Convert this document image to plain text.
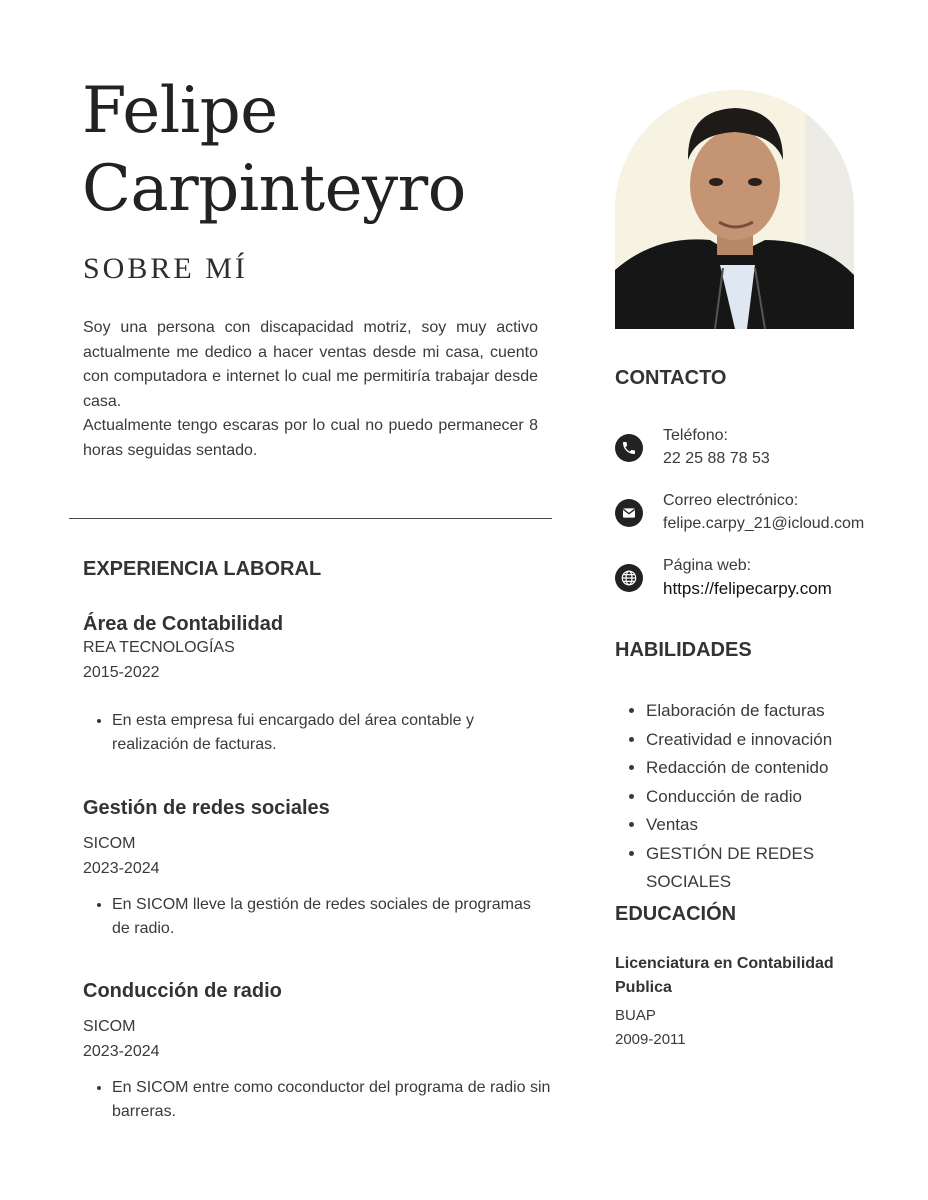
Felipe
Carpinteyro
SOBRE MÍ

Soy una persona con discapacidad motriz, soy muy activo actualmente me dedico a hacer ventas desde mi casa, cuento con computadora e internet lo cual me permitiría trabajar desde casa.

Actualmente tengo escaras por lo cual no puedo permanecer 8 horas seguidas sentado.

EXPERIENCIA LABORAL
Área de Contabilidad
REA TECNOLOGÍAS
2015-2022
• En esta empresa fui encargado del área contable y realización de facturas.
Gestión de redes sociales
SICOM
2023-2024
• En SICOM lleve la gestión de redes sociales de programas de radio.
Conducción de radio
SICOM
2023-2024
• En SICOM entre como coconductor del programa de radio sin barreras.
CONTACTO
Teléfono:
22 25 88 78 53
Correo electrónico:
felipe.carpy_21@icloud.com
Página web:
https://felipecarpy.com
HABILIDADES
• Elaboración de facturas
• Creatividad e innovación
• Redacción de contenido
• Conducción de radio
• Ventas
• GESTIÓN DE REDES SOCIALES
EDUCACIÓN
Licenciatura en Contabilidad Publica
BUAP
2009-2011
